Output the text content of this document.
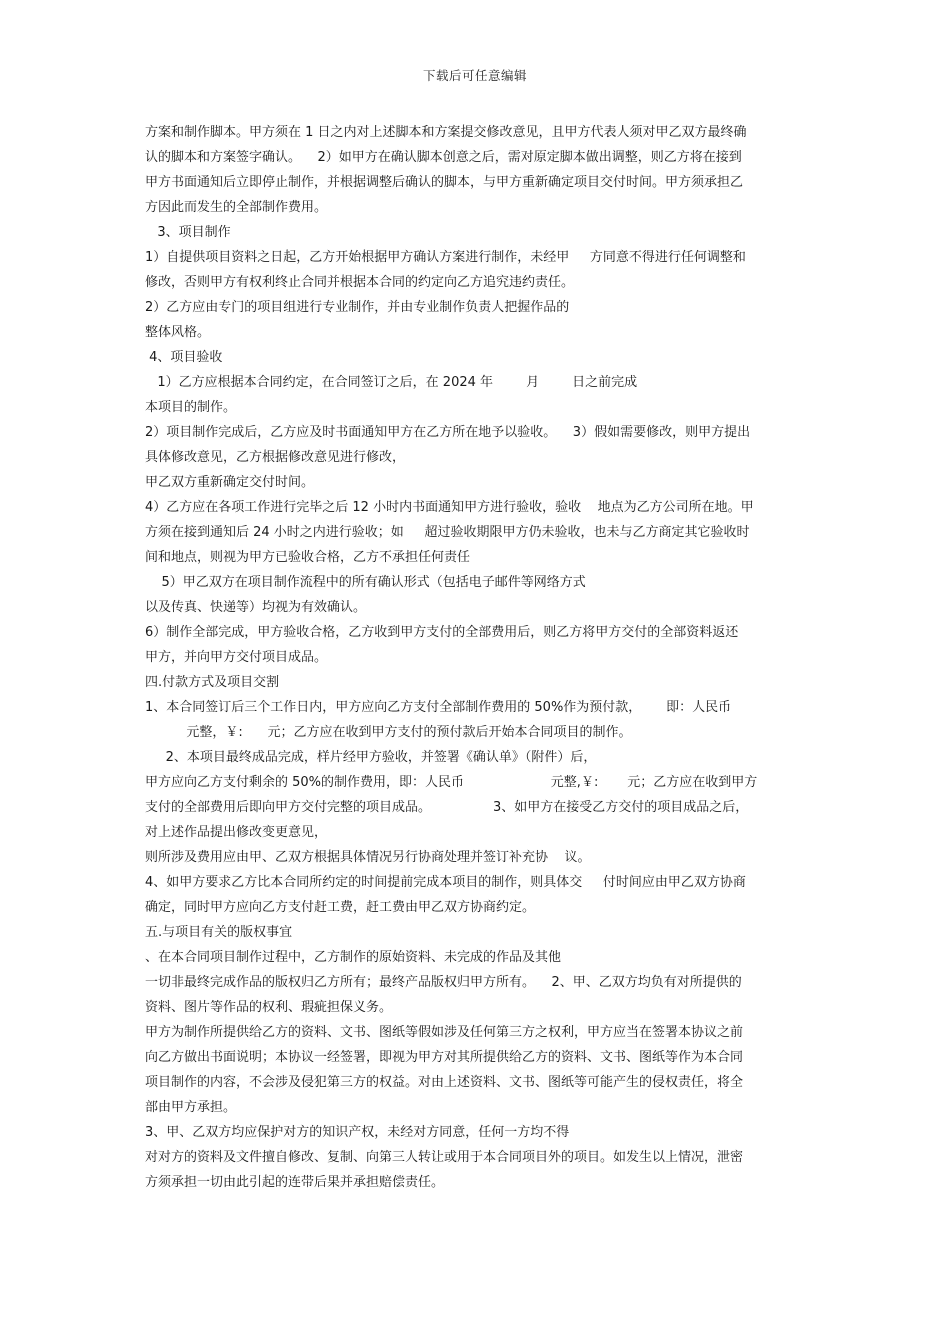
下载后可任意编辑
方案和制作脚本。甲方须在 1 日之内对上述脚本和方案提交修改意见，且甲方代表人须对甲乙双方最终确
认的脚本和方案签字确认。    2）如甲方在确认脚本创意之后，需对原定脚本做出调整，则乙方将在接到
甲方书面通知后立即停止制作，并根据调整后确认的脚本，与甲方重新确定项目交付时间。甲方须承担乙
方因此而发生的全部制作费用。
3、项目制作
1）自提供项目资料之日起，乙方开始根据甲方确认方案进行制作，未经甲     方同意不得进行任何调整和
修改，否则甲方有权利终止合同并根据本合同的约定向乙方追究违约责任。
2）乙方应由专门的项目组进行专业制作，并由专业制作负责人把握作品的
整体风格。
4、项目验收
1）乙方应根据本合同约定，在合同签订之后，在 2024 年        月        日之前完成
本项目的制作。
2）项目制作完成后，乙方应及时书面通知甲方在乙方所在地予以验收。    3）假如需要修改，则甲方提出
具体修改意见，乙方根据修改意见进行修改，
甲乙双方重新确定交付时间。
4）乙方应在各项工作进行完毕之后 12 小时内书面通知甲方进行验收，验收    地点为乙方公司所在地。甲
方须在接到通知后 24 小时之内进行验收；如     超过验收期限甲方仍未验收，也未与乙方商定其它验收时
间和地点，则视为甲方已验收合格，乙方不承担任何责任
5）甲乙双方在项目制作流程中的所有确认形式（包括电子邮件等网络方式
以及传真、快递等）均视为有效确认。
6）制作全部完成，甲方验收合格，乙方收到甲方支付的全部费用后，则乙方将甲方交付的全部资料返还
甲方，并向甲方交付项目成品。
四.付款方式及项目交割
1、本合同签订后三个工作日内，甲方应向乙方支付全部制作费用的 50%作为预付款，      即：人民币
元整，￥:      元；乙方应在收到甲方支付的预付款后开始本合同项目的制作。
2、本项目最终成品完成，样片经甲方验收，并签署《确认单》（附件）后，
甲方应向乙方支付剩余的 50%的制作费用，即：人民币                     元整,￥:       元；乙方应在收到甲方
支付的全部费用后即向甲方交付完整的项目成品。               3、如甲方在接受乙方交付的项目成品之后，
对上述作品提出修改变更意见，
则所涉及费用应由甲、乙双方根据具体情况另行协商处理并签订补充协    议。
4、如甲方要求乙方比本合同所约定的时间提前完成本项目的制作，则具体交     付时间应由甲乙双方协商
确定，同时甲方应向乙方支付赶工费，赶工费由甲乙双方协商约定。
五.与项目有关的版权事宜
、在本合同项目制作过程中，乙方制作的原始资料、未完成的作品及其他
一切非最终完成作品的版权归乙方所有；最终产品版权归甲方所有。    2、甲、乙双方均负有对所提供的
资料、图片等作品的权利、瑕疵担保义务。
甲方为制作所提供给乙方的资料、文书、图纸等假如涉及任何第三方之权利，甲方应当在签署本协议之前
向乙方做出书面说明；本协议一经签署，即视为甲方对其所提供给乙方的资料、文书、图纸等作为本合同
项目制作的内容，不会涉及侵犯第三方的权益。对由上述资料、文书、图纸等可能产生的侵权责任，将全
部由甲方承担。
3、甲、乙双方均应保护对方的知识产权，未经对方同意，任何一方均不得
对对方的资料及文件擅自修改、复制、向第三人转让或用于本合同项目外的项目。如发生以上情况，泄密
方须承担一切由此引起的连带后果并承担赔偿责任。
